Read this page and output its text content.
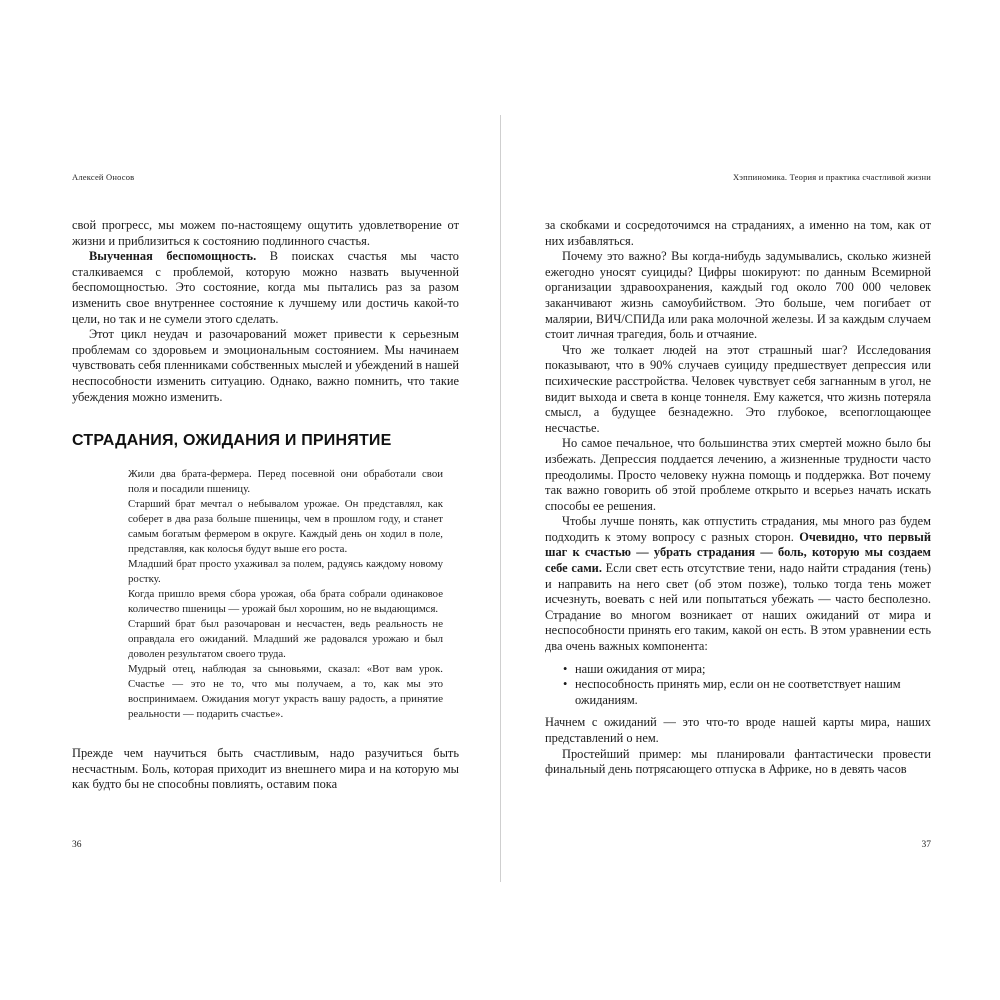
Алексей Оносов

свой прогресс, мы можем по-настоящему ощутить удовлетворение от жизни и приблизиться к состоянию подлинного счастья.

Выученная беспомощность. В поисках счастья мы часто сталкиваемся с проблемой, которую можно назвать выученной беспомощностью. Это состояние, когда мы пытались раз за разом изменить свое внутреннее состояние к лучшему или достичь какой-то цели, но так и не сумели этого сделать.

Этот цикл неудач и разочарований может привести к серьезным проблемам со здоровьем и эмоциональным состоянием. Мы начинаем чувствовать себя пленниками собственных мыслей и убеждений в нашей неспособности изменить ситуацию. Однако, важно помнить, что такие убеждения можно изменить.

СТРАДАНИЯ, ОЖИДАНИЯ И ПРИНЯТИЕ

Жили два брата-фермера. Перед посевной они обработали свои поля и посадили пшеницу.

Старший брат мечтал о небывалом урожае. Он представлял, как соберет в два раза больше пшеницы, чем в прошлом году, и станет самым богатым фермером в округе. Каждый день он ходил в поле, представляя, как колосья будут выше его роста.

Младший брат просто ухаживал за полем, радуясь каждому новому ростку.

Когда пришло время сбора урожая, оба брата собрали одинаковое количество пшеницы — урожай был хорошим, но не выдающимся.

Старший брат был разочарован и несчастен, ведь реальность не оправдала его ожиданий. Младший же радовался урожаю и был доволен результатом своего труда.

Мудрый отец, наблюдая за сыновьями, сказал: «Вот вам урок. Счастье — это не то, что мы получаем, а то, как мы это воспринимаем. Ожидания могут украсть вашу радость, а принятие реальности — подарить счастье».

Прежде чем научиться быть счастливым, надо разучиться быть несчастным. Боль, которая приходит из внешнего мира и на которую мы как будто бы не способны повлиять, оставим пока

36
Хэппиномика. Теория и практика счастливой жизни

за скобками и сосредоточимся на страданиях, а именно на том, как от них избавляться.

Почему это важно? Вы когда-нибудь задумывались, сколько жизней ежегодно уносят суициды? Цифры шокируют: по данным Всемирной организации здравоохранения, каждый год около 700 000 человек заканчивают жизнь самоубийством. Это больше, чем погибает от малярии, ВИЧ/СПИДа или рака молочной железы. И за каждым случаем стоит личная трагедия, боль и отчаяние.

Что же толкает людей на этот страшный шаг? Исследования показывают, что в 90% случаев суициду предшествует депрессия или психические расстройства. Человек чувствует себя загнанным в угол, не видит выхода и света в конце тоннеля. Ему кажется, что жизнь потеряла смысл, а будущее безнадежно. Это глубокое, всепоглощающее несчастье.

Но самое печальное, что большинства этих смертей можно было бы избежать. Депрессия поддается лечению, а жизненные трудности часто преодолимы. Просто человеку нужна помощь и поддержка. Вот почему так важно говорить об этой проблеме открыто и всерьез начать искать способы ее решения.

Чтобы лучше понять, как отпустить страдания, мы много раз будем подходить к этому вопросу с разных сторон. Очевидно, что первый шаг к счастью — убрать страдания — боль, которую мы создаем себе сами. Если свет есть отсутствие тени, надо найти страдания (тень) и направить на него свет (об этом позже), только тогда тень может исчезнуть, воевать с ней или попытаться убежать — часто бесполезно. Страдание во многом возникает от наших ожиданий от мира и неспособности принять его таким, какой он есть. В этом уравнении есть два очень важных компонента:

• наши ожидания от мира;
• неспособность принять мир, если он не соответствует нашим ожиданиям.

Начнем с ожиданий — это что-то вроде нашей карты мира, наших представлений о нем.

Простейший пример: мы планировали фантастически провести финальный день потрясающего отпуска в Африке, но в девять часов

37
